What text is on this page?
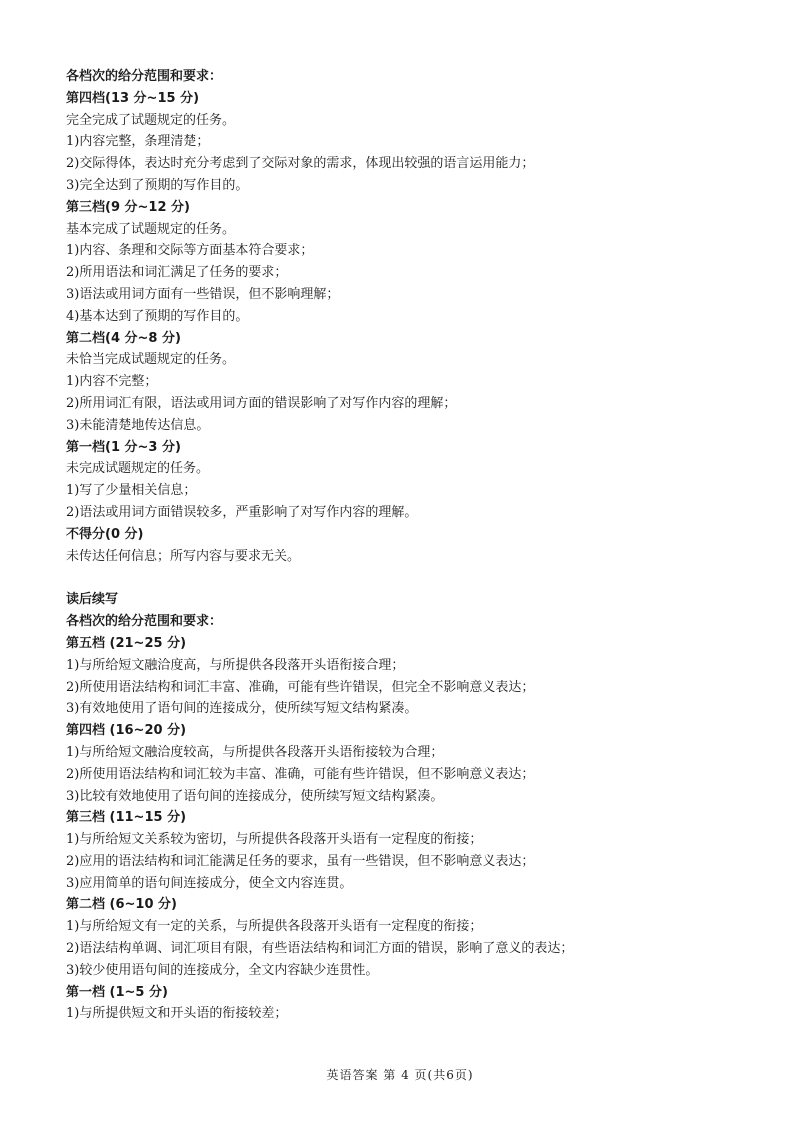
各档次的给分范围和要求：
第四档(13 分~15 分)
完全完成了试题规定的任务。
1)内容完整，条理清楚；
2)交际得体，表达时充分考虑到了交际对象的需求，体现出较强的语言运用能力；
3)完全达到了预期的写作目的。
第三档(9 分~12 分)
基本完成了试题规定的任务。
1)内容、条理和交际等方面基本符合要求；
2)所用语法和词汇满足了任务的要求；
3)语法或用词方面有一些错误，但不影响理解；
4)基本达到了预期的写作目的。
第二档(4 分~8 分)
未恰当完成试题规定的任务。
1)内容不完整；
2)所用词汇有限，语法或用词方面的错误影响了对写作内容的理解；
3)未能清楚地传达信息。
第一档(1 分~3 分)
未完成试题规定的任务。
1)写了少量相关信息；
2)语法或用词方面错误较多，严重影响了对写作内容的理解。
不得分(0 分)
未传达任何信息；所写内容与要求无关。
读后续写
各档次的给分范围和要求：
第五档 (21~25 分)
1)与所给短文融洽度高，与所提供各段落开头语衔接合理；
2)所使用语法结构和词汇丰富、准确，可能有些许错误，但完全不影响意义表达；
3)有效地使用了语句间的连接成分，使所续写短文结构紧凑。
第四档 (16~20 分)
1)与所给短文融洽度较高，与所提供各段落开头语衔接较为合理；
2)所使用语法结构和词汇较为丰富、准确，可能有些许错误，但不影响意义表达；
3)比较有效地使用了语句间的连接成分，使所续写短文结构紧凑。
第三档 (11~15 分)
1)与所给短文关系较为密切，与所提供各段落开头语有一定程度的衔接；
2)应用的语法结构和词汇能满足任务的要求，虽有一些错误，但不影响意义表达；
3)应用简单的语句间连接成分，使全文内容连贯。
第二档 (6~10 分)
1)与所给短文有一定的关系，与所提供各段落开头语有一定程度的衔接；
2)语法结构单调、词汇项目有限，有些语法结构和词汇方面的错误，影响了意义的表达；
3)较少使用语句间的连接成分，全文内容缺少连贯性。
第一档 (1~5 分)
1)与所提供短文和开头语的衔接较差；
英语答案 第 4 页(共6页)
